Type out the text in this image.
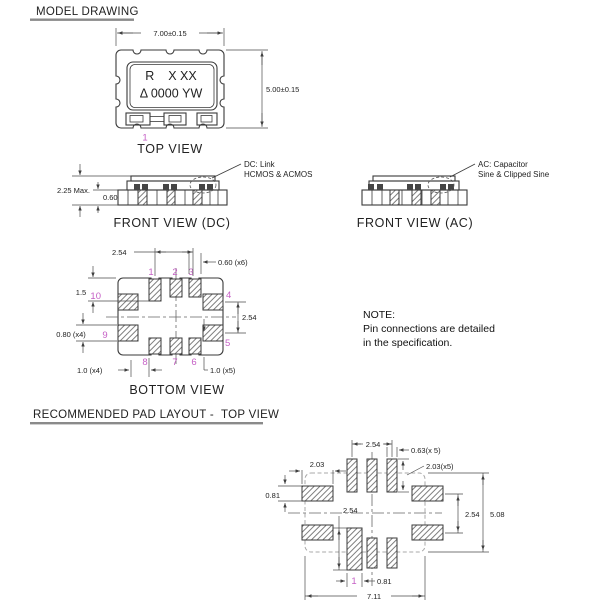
MODEL DRAWING
7.00±0.15
5.00±0.15
R    X XX
Δ 0000 YW
1
TOP VIEW
2.25 Max.
0.60
DC: Link
HCMOS & ACMOS
FRONT VIEW (DC)
AC: Capacitor
Sine & Clipped Sine
FRONT VIEW (AC)
1 2 3
4
5
6
7
8
9
10
2.54
0.60 (x6)
1.5
0.80 (x4)
2.54
1.0 (x4)	1.0 (x5)
BOTTOM VIEW
NOTE:
Pin connections are detailed
in the specification.
RECOMMENDED PAD LAYOUT -  TOP VIEW
2.54
0.63(x 5)
2.03(x5)
2.03
0.81
2.54	2.54 5.08
0.81
1
7.11
